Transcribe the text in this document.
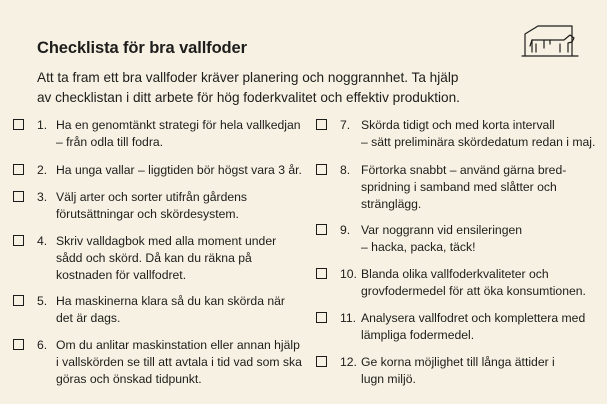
Checklista för bra vallfoder
Att ta fram ett bra vallfoder kräver planering och noggrannhet. Ta hjälp
av checklistan i ditt arbete för hög foderkvalitet och effektiv produktion.
1. Ha en genomtänkt strategi för hela vallkedjan
– från odla till fodra.
2. Ha unga vallar – liggtiden bör högst vara 3 år.
3. Välj arter och sorter utifrån gårdens
förutsättningar och skördesystem.
4. Skriv valldagbok med alla moment under
sådd och skörd. Då kan du räkna på
kostnaden för vallfodret.
5. Ha maskinerna klara så du kan skörda när
det är dags.
6. Om du anlitar maskinstation eller annan hjälp
i vallskörden se till att avtala i tid vad som ska
göras och önskad tidpunkt.
7. Skörda tidigt och med korta intervall
– sätt preliminära skördedatum redan i maj.
8. Förtorka snabbt – använd gärna bred-
spridning i samband med slåtter och
stränglägg.
9. Var noggrann vid ensileringen
– hacka, packa, täck!
10. Blanda olika vallfoderkvaliteter och
grovfodermedel för att öka konsumtionen.
11. Analysera vallfodret och komplettera med
lämpliga fodermedel.
12. Ge korna möjlighet till långa ättider i
lugn miljö.
